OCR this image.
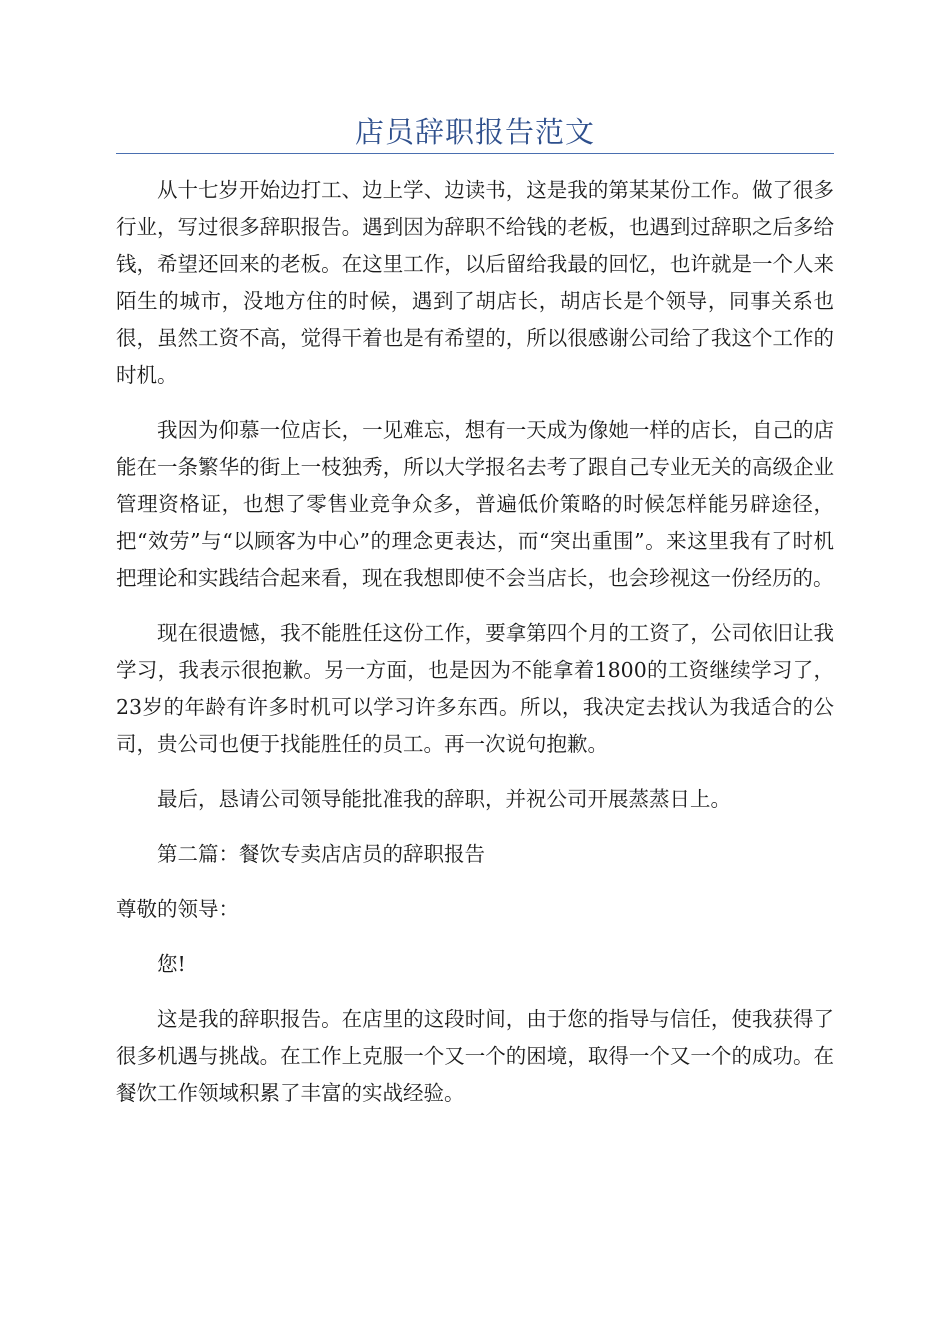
店员辞职报告范文

从十七岁开始边打工、边上学、边读书，这是我的第某某份工作。做了很多行业，写过很多辞职报告。遇到因为辞职不给钱的老板，也遇到过辞职之后多给钱，希望还回来的老板。在这里工作，以后留给我最的回忆，也许就是一个人来陌生的城市，没地方住的时候，遇到了胡店长，胡店长是个领导，同事关系也很，虽然工资不高，觉得干着也是有希望的，所以很感谢公司给了我这个工作的时机。

我因为仰慕一位店长，一见难忘，想有一天成为像她一样的店长，自己的店能在一条繁华的街上一枝独秀，所以大学报名去考了跟自己专业无关的高级企业管理资格证，也想了零售业竞争众多，普遍低价策略的时候怎样能另辟途径，把“效劳”与“以顾客为中心”的理念更表达，而“突出重围”。来这里我有了时机把理论和实践结合起来看，现在我想即使不会当店长，也会珍视这一份经历的。

现在很遗憾，我不能胜任这份工作，要拿第四个月的工资了，公司依旧让我学习，我表示很抱歉。另一方面，也是因为不能拿着1800的工资继续学习了，23岁的年龄有许多时机可以学习许多东西。所以，我决定去找认为我适合的公司，贵公司也便于找能胜任的员工。再一次说句抱歉。

最后，恳请公司领导能批准我的辞职，并祝公司开展蒸蒸日上。

第二篇：餐饮专卖店店员的辞职报告

尊敬的领导：

您!

这是我的辞职报告。在店里的这段时间，由于您的指导与信任，使我获得了很多机遇与挑战。在工作上克服一个又一个的困境，取得一个又一个的成功。在餐饮工作领域积累了丰富的实战经验。
